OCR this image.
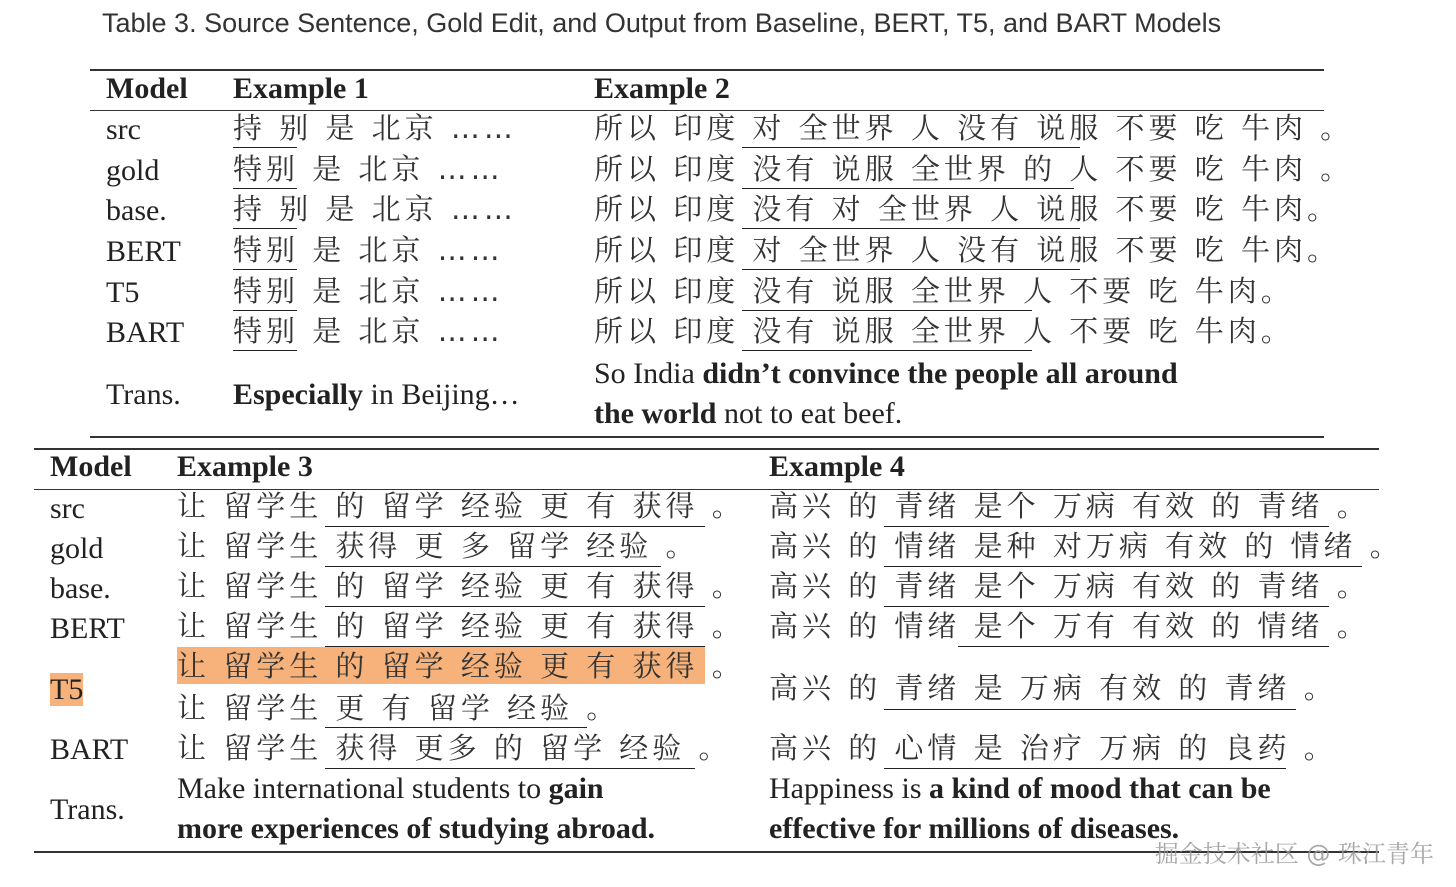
Table 3. Source Sentence, Gold Edit, and Output from Baseline, BERT, T5, and BART Models
Model Example 1	Example 2
src
gold
base.
BERT
T5
BART
持 别 是 北京 ……
特别 是 北京 ……
持 别 是 北京 ……
特别 是 北京 ……
特别 是 北京 ……
特别 是 北京 ……
所以 印度 对 全世界 人 没有 说服 不要 吃 牛肉 。
所以 印度 没有 说服 全世界 的 人 不要 吃 牛肉 。
所以 印度 没有 对 全世界 人 说服 不要 吃 牛肉。
所以 印度 对 全世界 人 没有 说服 不要 吃 牛肉。
所以 印度 没有 说服 全世界 人 不要 吃 牛肉。
所以 印度 没有 说服 全世界 人 不要 吃 牛肉。
Trans. Especially in Beijing…
So India didn’t convince the people all around
the world not to eat beef.
Model Example 3	Example 4
src
gold
base.
BERT
T5
BART
让 留学生 的 留学 经验 更 有 获得 。
让 留学生 获得 更 多 留学 经验 。
让 留学生 的 留学 经验 更 有 获得 。
让 留学生 的 留学 经验 更 有 获得 。
让 留学生 的 留学 经验 更 有 获得 。
让 留学生 更 有 留学 经验 。
让 留学生 获得 更多 的 留学 经验 。
高兴 的 青绪 是个 万病 有效 的 青绪 。
高兴 的 情绪 是种 对万病 有效 的 情绪 。
高兴 的 青绪 是个 万病 有效 的 青绪 。
高兴 的 情绪 是个 万有 有效 的 情绪 。
高兴 的 青绪 是 万病 有效 的 青绪 。
高兴 的 心情 是 治疗 万病 的 良药 。
Trans.
Make international students to gain
more experiences of studying abroad.
Happiness is a kind of mood that can be
effective for millions of diseases.
掘金技术社区 @ 珠江青年
